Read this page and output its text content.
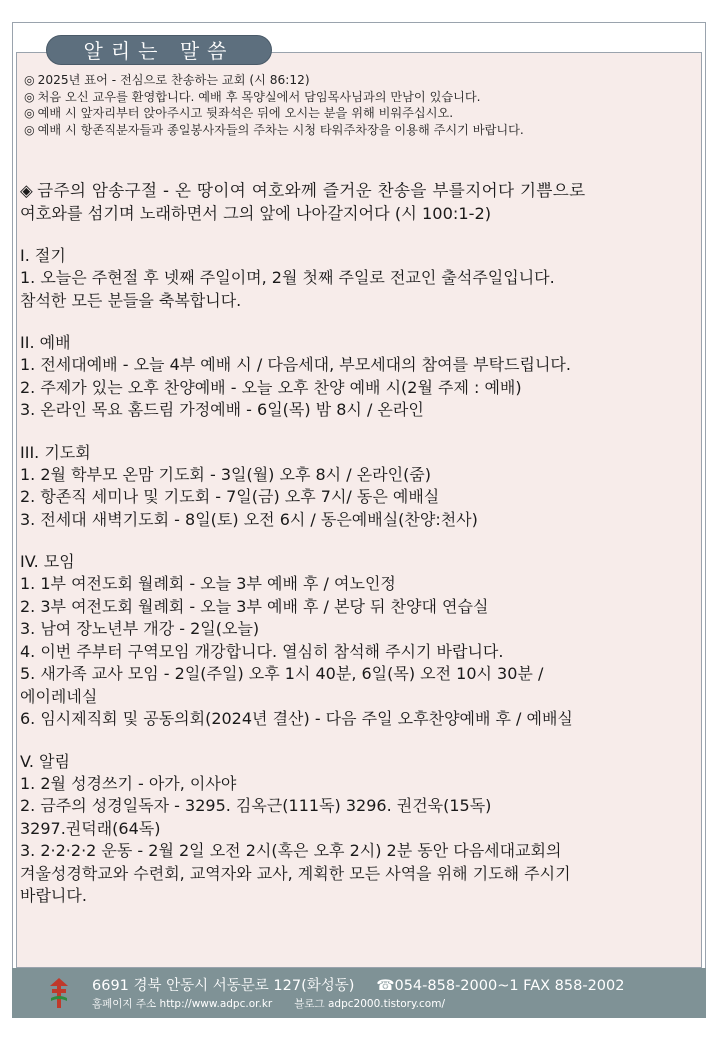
알리는 말씀
◎ 2025년 표어 - 전심으로 찬송하는 교회 (시 86:12)
◎ 처음 오신 교우를 환영합니다. 예배 후 목양실에서 담임목사님과의 만남이 있습니다.
◎ 예배 시 앞자리부터 앉아주시고 뒷좌석은 뒤에 오시는 분을 위해 비워주십시오.
◎ 예배 시 항존직분자들과 종일봉사자들의 주차는 시청 타워주차장을 이용해 주시기 바랍니다.
◈ 금주의 암송구절 - 온 땅이여 여호와께 즐거운 찬송을 부를지어다 기쁨으로
여호와를 섬기며 노래하면서 그의 앞에 나아갈지어다 (시 100:1-2)
I. 절기
1. 오늘은 주현절 후 넷째 주일이며, 2월 첫째 주일로 전교인 출석주일입니다.
참석한 모든 분들을 축복합니다.
II. 예배
1. 전세대예배 - 오늘 4부 예배 시 / 다음세대, 부모세대의 참여를 부탁드립니다.
2. 주제가 있는 오후 찬양예배 - 오늘 오후 찬양 예배 시(2월 주제 : 예배)
3. 온라인 목요 홈드림 가정예배 - 6일(목) 밤 8시 / 온라인
III. 기도회
1. 2월 학부모 온맘 기도회 - 3일(월) 오후 8시 / 온라인(줌)
2. 항존직 세미나 및 기도회 - 7일(금) 오후 7시/ 동은 예배실
3. 전세대 새벽기도회 - 8일(토) 오전 6시 / 동은예배실(찬양:천사)
IV. 모임
1. 1부 여전도회 월례회 - 오늘 3부 예배 후 / 여노인정
2. 3부 여전도회 월례회 - 오늘 3부 예배 후 / 본당 뒤 찬양대 연습실
3. 남여 장노년부 개강 - 2일(오늘)
4. 이번 주부터 구역모임 개강합니다. 열심히 참석해 주시기 바랍니다.
5. 새가족 교사 모임 - 2일(주일) 오후 1시 40분, 6일(목) 오전 10시 30분 /
에이레네실
6. 임시제직회 및 공동의회(2024년 결산) - 다음 주일 오후찬양예배 후 / 예배실
V. 알림
1. 2월 성경쓰기 - 아가, 이사야
2. 금주의 성경일독자 - 3295. 김옥근(111독) 3296. 권건욱(15독)
3297.권덕래(64독)
3. 2·2·2·2 운동 - 2월 2일 오전 2시(혹은 오후 2시) 2분 동안 다음세대교회의
겨울성경학교와 수련회, 교역자와 교사, 계획한 모든 사역을 위해 기도해 주시기
바랍니다.
6691 경북 안동시 서동문로 127(화성동) ☎054-858-2000~1 FAX 858-2002
홈페이지 주소 http://www.adpc.or.kr 블로그 adpc2000.tistory.com/
